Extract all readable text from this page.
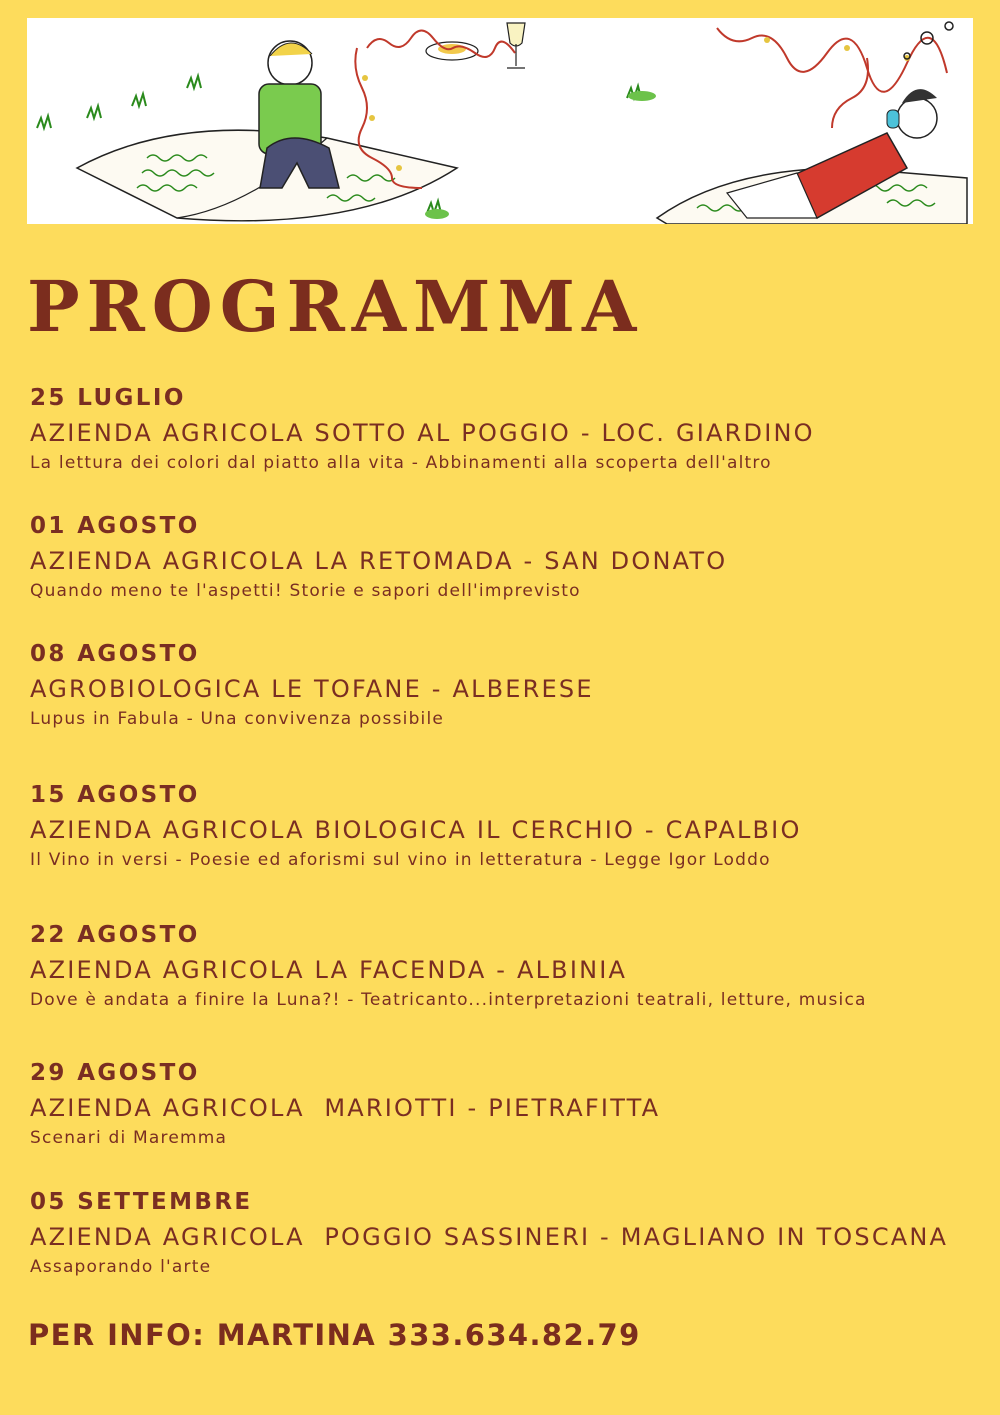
PROGRAMMA
25 LUGLIO
AZIENDA AGRICOLA SOTTO AL POGGIO - LOC. GIARDINO
La lettura dei colori dal piatto alla vita - Abbinamenti alla scoperta dell'altro
01 AGOSTO
AZIENDA AGRICOLA LA RETOMADA - SAN DONATO
Quando meno te l'aspetti! Storie e sapori dell'imprevisto
08 AGOSTO
AGROBIOLOGICA LE TOFANE - ALBERESE
Lupus in Fabula - Una convivenza possibile
15 AGOSTO
AZIENDA AGRICOLA BIOLOGICA IL CERCHIO - CAPALBIO
Il Vino in versi - Poesie ed aforismi sul vino in letteratura - Legge Igor Loddo
22 AGOSTO
AZIENDA AGRICOLA LA FACENDA - ALBINIA
Dove è andata a finire la Luna?! - Teatricanto...interpretazioni teatrali, letture, musica
29 AGOSTO
AZIENDA AGRICOLA  MARIOTTI - PIETRAFITTA
Scenari di Maremma
05 SETTEMBRE
AZIENDA AGRICOLA  POGGIO SASSINERI - MAGLIANO IN TOSCANA
Assaporando l'arte
PER INFO: MARTINA 333.634.82.79
